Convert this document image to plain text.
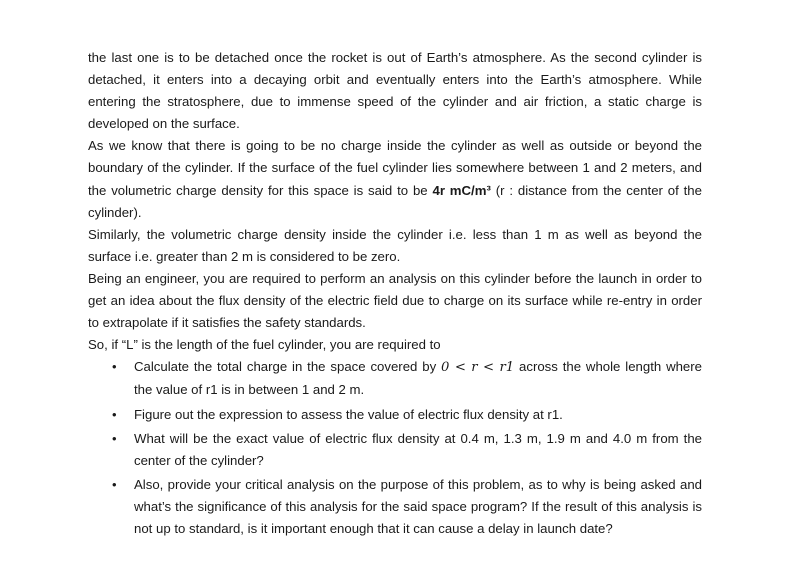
the last one is to be detached once the rocket is out of Earth’s atmosphere. As the second cylinder is detached, it enters into a decaying orbit and eventually enters into the Earth’s atmosphere. While entering the stratosphere, due to immense speed of the cylinder and air friction, a static charge is developed on the surface.

As we know that there is going to be no charge inside the cylinder as well as outside or beyond the boundary of the cylinder. If the surface of the fuel cylinder lies somewhere between 1 and 2 meters, and the volumetric charge density for this space is said to be 4r mC/m³ (r : distance from the center of the cylinder).

Similarly, the volumetric charge density inside the cylinder i.e. less than 1 m as well as beyond the surface i.e. greater than 2 m is considered to be zero.

Being an engineer, you are required to perform an analysis on this cylinder before the launch in order to get an idea about the flux density of the electric field due to charge on its surface while re-entry in order to extrapolate if it satisfies the safety standards.

So, if “L” is the length of the fuel cylinder, you are required to

• Calculate the total charge in the space covered by 0 < r < r1 across the whole length where the value of r1 is in between 1 and 2 m.
• Figure out the expression to assess the value of electric flux density at r1.
• What will be the exact value of electric flux density at 0.4 m, 1.3 m, 1.9 m and 4.0 m from the center of the cylinder?
• Also, provide your critical analysis on the purpose of this problem, as to why is being asked and what’s the significance of this analysis for the said space program? If the result of this analysis is not up to standard, is it important enough that it can cause a delay in launch date?
